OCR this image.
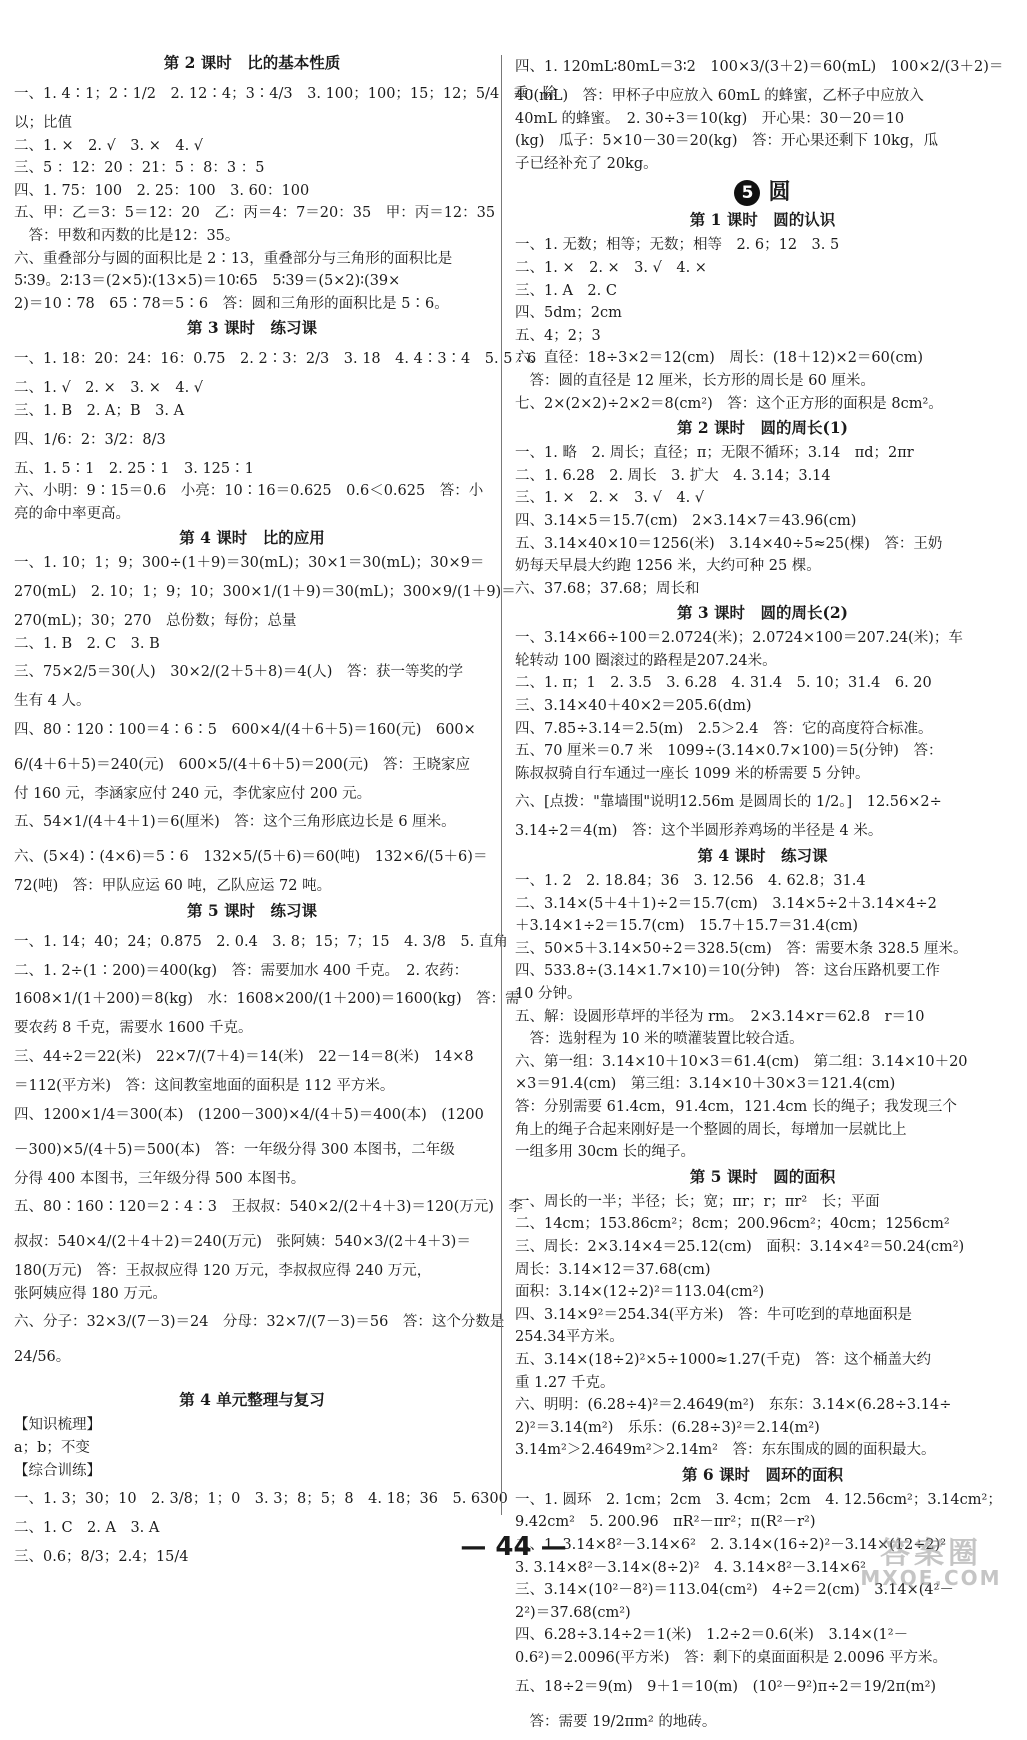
第 2 课时　比的基本性质
一、1. 4∶1；2∶1/2　2. 12∶4；3∶4/3　3. 100；100；15；12；5/4　乘；除
以；比值
二、1. ×　2. √　3. ×　4. √
三、5 ：12：20 ：21：5 ：8：3 ：5
四、1. 75：100　2. 25：100　3. 60：100
五、甲：乙＝3：5＝12：20　乙：丙＝4：7＝20：35　甲：丙＝12：35
　答：甲数和丙数的比是12：35。
六、重叠部分与圆的面积比是 2∶13，重叠部分与三角形的面积比是
5∶39。2∶13＝(2×5)∶(13×5)＝10∶65　5∶39＝(5×2)∶(39×
2)＝10∶78　65∶78＝5∶6　答：圆和三角形的面积比是 5∶6。
第 3 课时　练习课
一、1. 18：20：24：16：0.75　2. 2∶3：2/3　3. 18　4. 4∶3∶4　5. 5∶6
二、1. √　2. ×　3. ×　4. √
三、1. B　2. A；B　3. A
四、1/6：2：3/2：8/3
五、1. 5∶1　2. 25∶1　3. 125∶1
六、小明：9∶15＝0.6　小亮：10∶16＝0.625　0.6＜0.625　答：小
亮的命中率更高。
第 4 课时　比的应用
一、1. 10；1；9；300÷(1＋9)＝30(mL)；30×1＝30(mL)；30×9＝
270(mL)　2. 10；1；9；10；300×1/(1＋9)＝30(mL)；300×9/(1＋9)＝
270(mL)；30；270　总份数；每份；总量
二、1. B　2. C　3. B
三、75×2/5＝30(人)　30×2/(2＋5＋8)＝4(人)　答：获一等奖的学
生有 4 人。
四、80∶120∶100＝4∶6∶5　600×4/(4＋6＋5)＝160(元)　600×
6/(4＋6＋5)＝240(元)　600×5/(4＋6＋5)＝200(元)　答：王晓家应
付 160 元，李涵家应付 240 元，李优家应付 200 元。
五、54×1/(4＋4＋1)＝6(厘米)　答：这个三角形底边长是 6 厘米。
六、(5×4)∶(4×6)＝5∶6　132×5/(5＋6)＝60(吨)　132×6/(5＋6)＝
72(吨)　答：甲队应运 60 吨，乙队应运 72 吨。
第 5 课时　练习课
一、1. 14；40；24；0.875　2. 0.4　3. 8；15；7；15　4. 3/8　5. 直角
二、1. 2÷(1∶200)＝400(kg)　答：需要加水 400 千克。　2. 农药：
1608×1/(1＋200)＝8(kg)　水：1608×200/(1＋200)＝1600(kg)　答：需
要农药 8 千克，需要水 1600 千克。
三、44÷2＝22(米)　22×7/(7＋4)＝14(米)　22－14＝8(米)　14×8
＝112(平方米)　答：这间教室地面的面积是 112 平方米。
四、1200×1/4＝300(本)　(1200－300)×4/(4＋5)＝400(本)　(1200
－300)×5/(4＋5)＝500(本)　答：一年级分得 300 本图书，二年级
分得 400 本图书，三年级分得 500 本图书。
五、80∶160∶120＝2∶4∶3　王叔叔：540×2/(2＋4＋3)＝120(万元)　李
叔叔：540×4/(2＋4＋2)＝240(万元)　张阿姨：540×3/(2＋4＋3)＝
180(万元)　答：王叔叔应得 120 万元，李叔叔应得 240 万元，
张阿姨应得 180 万元。
六、分子：32×3/(7－3)＝24　分母：32×7/(7－3)＝56　答：这个分数是
24/56。
第 4 单元整理与复习
【知识梳理】
a；b；不变
【综合训练】
一、1. 3；30；10　2. 3/8；1；0　3. 3；8；5；8　4. 18；36　5. 6300
二、1. C　2. A　3. A
三、0.6；8/3；2.4；15/4
四、1. 120mL∶80mL＝3∶2　100×3/(3＋2)＝60(mL)　100×2/(3＋2)＝
40(mL)　答：甲杯子中应放入 60mL 的蜂蜜，乙杯子中应放入
40mL 的蜂蜜。　2. 30÷3＝10(kg)　开心果：30－20＝10
(kg)　瓜子：5×10－30＝20(kg)　答：开心果还剩下 10kg，瓜
子已经补充了 20kg。
5 圆
第 1 课时　圆的认识
一、1. 无数；相等；无数；相等　2. 6；12　3. 5
二、1. ×　2. ×　3. √　4. ×
三、1. A　2. C
四、5dm；2cm
五、4；2；3
六、直径：18÷3×2＝12(cm)　周长：(18＋12)×2＝60(cm)
　答：圆的直径是 12 厘米，长方形的周长是 60 厘米。
七、2×(2×2)÷2×2＝8(cm²)　答：这个正方形的面积是 8cm²。
第 2 课时　圆的周长(1)
一、1. 略　2. 周长；直径；π；无限不循环；3.14　πd；2πr
二、1. 6.28　2. 周长　3. 扩大　4. 3.14；3.14
三、1. ×　2. ×　3. √　4. √
四、3.14×5＝15.7(cm)　2×3.14×7＝43.96(cm)
五、3.14×40×10＝1256(米)　3.14×40÷5≈25(棵)　答：王奶
奶每天早晨大约跑 1256 米，大约可种 25 棵。
六、37.68；37.68；周长和
第 3 课时　圆的周长(2)
一、3.14×66÷100＝2.0724(米)；2.0724×100＝207.24(米)；车
轮转动 100 圈滚过的路程是207.24米。
二、1. π；1　2. 3.5　3. 6.28　4. 31.4　5. 10；31.4　6. 20
三、3.14×40＋40×2＝205.6(dm)
四、7.85÷3.14＝2.5(m)　2.5＞2.4　答：它的高度符合标准。
五、70 厘米＝0.7 米　1099÷(3.14×0.7×100)＝5(分钟)　答：
陈叔叔骑自行车通过一座长 1099 米的桥需要 5 分钟。
六、[点拨："靠墙围"说明12.56m 是圆周长的 1/2。]　12.56×2÷
3.14÷2＝4(m)　答：这个半圆形养鸡场的半径是 4 米。
第 4 课时　练习课
一、1. 2　2. 18.84；36　3. 12.56　4. 62.8；31.4
二、3.14×(5＋4＋1)÷2＝15.7(cm)　3.14×5÷2＋3.14×4÷2
＋3.14×1÷2＝15.7(cm)　15.7＋15.7＝31.4(cm)
三、50×5＋3.14×50÷2＝328.5(cm)　答：需要木条 328.5 厘米。
四、533.8÷(3.14×1.7×10)＝10(分钟)　答：这台压路机要工作
10 分钟。
五、解：设圆形草坪的半径为 rm。　2×3.14×r＝62.8　r＝10
　答：选射程为 10 米的喷灌装置比较合适。
六、第一组：3.14×10＋10×3＝61.4(cm)　第二组：3.14×10＋20
×3＝91.4(cm)　第三组：3.14×10＋30×3＝121.4(cm)
答：分别需要 61.4cm，91.4cm，121.4cm 长的绳子；我发现三个
角上的绳子合起来刚好是一个整圆的周长，每增加一层就比上
一组多用 30cm 长的绳子。
第 5 课时　圆的面积
一、周长的一半；半径；长；宽；πr；r；πr²　长；平面
二、14cm；153.86cm²；8cm；200.96cm²；40cm；1256cm²
三、周长：2×3.14×4＝25.12(cm)　面积：3.14×4²＝50.24(cm²)
周长：3.14×12＝37.68(cm)
面积：3.14×(12÷2)²＝113.04(cm²)
四、3.14×9²＝254.34(平方米)　答：牛可吃到的草地面积是
254.34平方米。
五、3.14×(18÷2)²×5÷1000≈1.27(千克)　答：这个桶盖大约
重 1.27 千克。
六、明明：(6.28÷4)²＝2.4649(m²)　东东：3.14×(6.28÷3.14÷
2)²＝3.14(m²)　乐乐：(6.28÷3)²＝2.14(m²)
3.14m²＞2.4649m²＞2.14m²　答：东东围成的圆的面积最大。
第 6 课时　圆环的面积
一、1. 圆环　2. 1cm；2cm　3. 4cm；2cm　4. 12.56cm²；3.14cm²；
9.42cm²　5. 200.96　πR²－πr²；π(R²－r²)
二、1. 3.14×8²－3.14×6²　2. 3.14×(16÷2)²－3.14×(12÷2)²
3. 3.14×8²－3.14×(8÷2)²　4. 3.14×8²－3.14×6²
三、3.14×(10²－8²)＝113.04(cm²)　4÷2＝2(cm)　3.14×(4²－
2²)＝37.68(cm²)
四、6.28÷3.14÷2＝1(米)　1.2÷2＝0.6(米)　3.14×(1²－
0.6²)＝2.0096(平方米)　答：剩下的桌面面积是 2.0096 平方米。
五、18÷2＝9(m)　9＋1＝10(m)　(10²－9²)π÷2＝19/2π(m²)
　答：需要 19/2πm² 的地砖。
— 44 —	答案圈
MXQE.COM
